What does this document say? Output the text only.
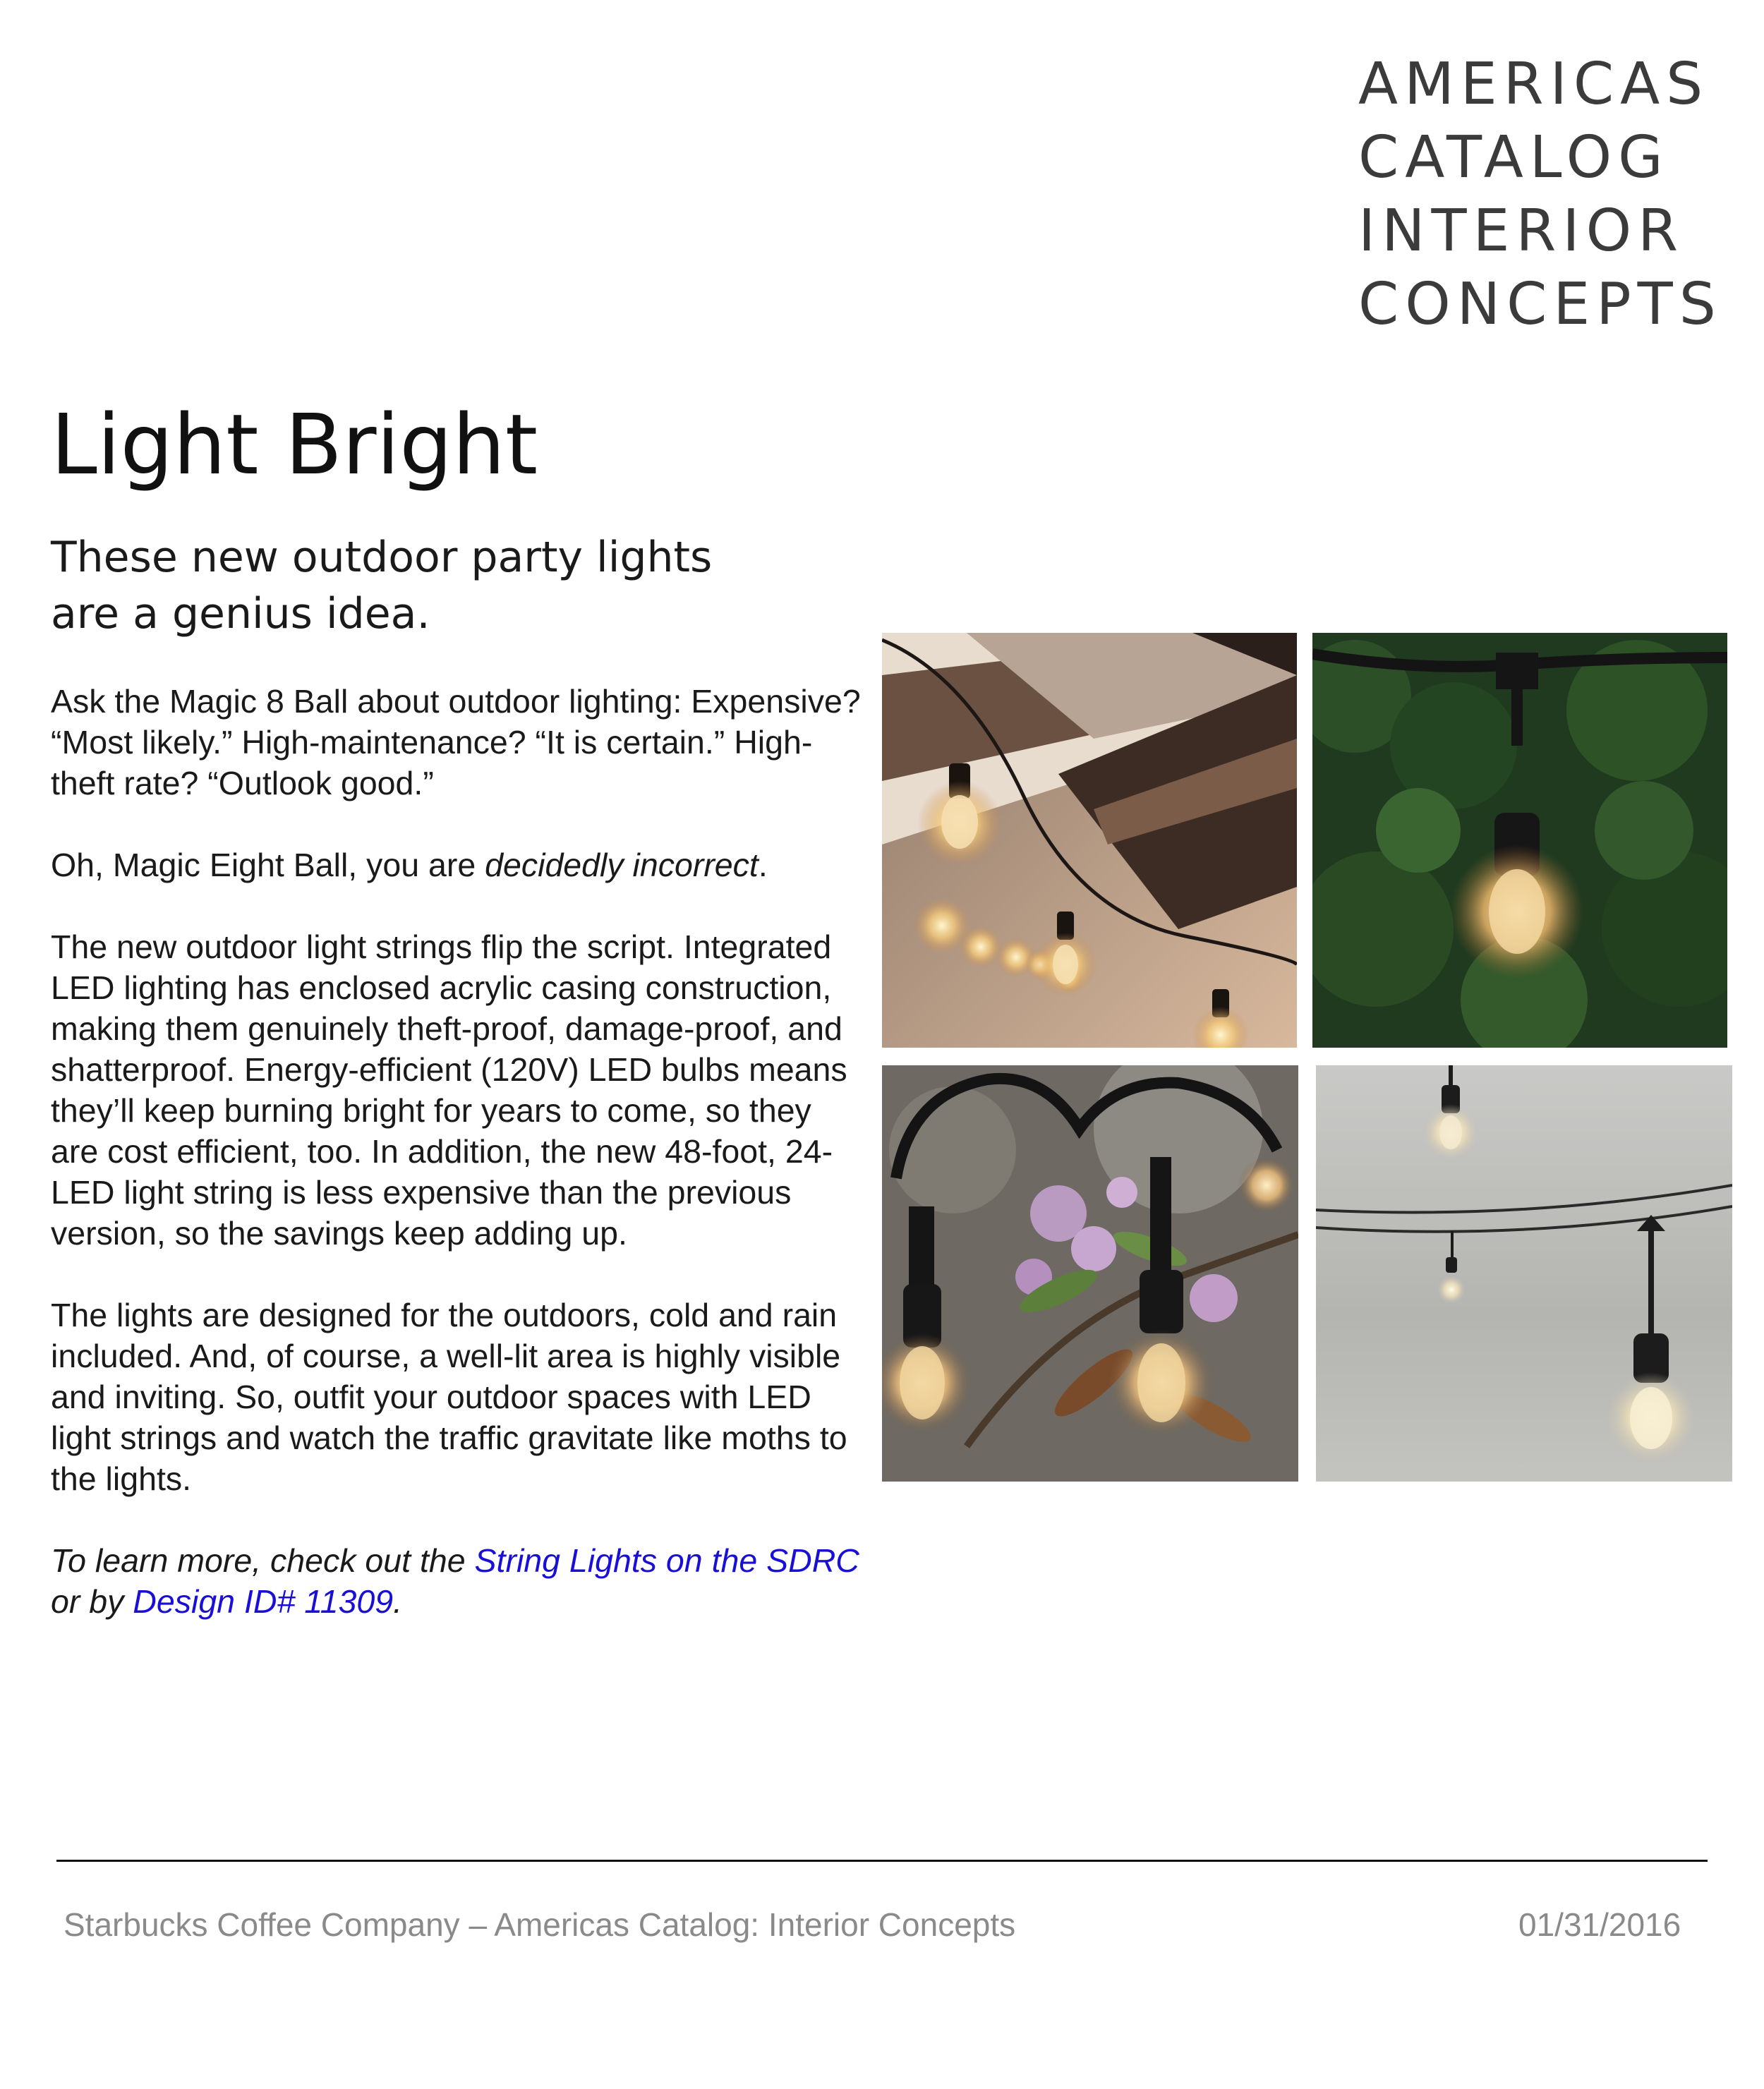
AMERICAS
CATALOG
INTERIOR
CONCEPTS
Light Bright
These new outdoor party lights
are a genius idea.

Ask the Magic 8 Ball about outdoor lighting: Expensive? “Most likely.” High-maintenance? “It is certain.” High-theft rate? “Outlook good.”

Oh, Magic Eight Ball, you are decidedly incorrect.

The new outdoor light strings flip the script. Integrated LED lighting has enclosed acrylic casing construction, making them genuinely theft-proof, damage-proof, and shatterproof. Energy-efficient (120V) LED bulbs means they’ll keep burning bright for years to come, so they are cost efficient, too. In addition, the new 48-foot, 24-LED light string is less expensive than the previous version, so the savings keep adding up.

The lights are designed for the outdoors, cold and rain included. And, of course, a well-lit area is highly visible and inviting. So, outfit your outdoor spaces with LED light strings and watch the traffic gravitate like moths to the lights.

To learn more, check out the String Lights on the SDRC or by Design ID# 11309.

Starbucks Coffee Company – Americas Catalog: Interior Concepts	01/31/2016
